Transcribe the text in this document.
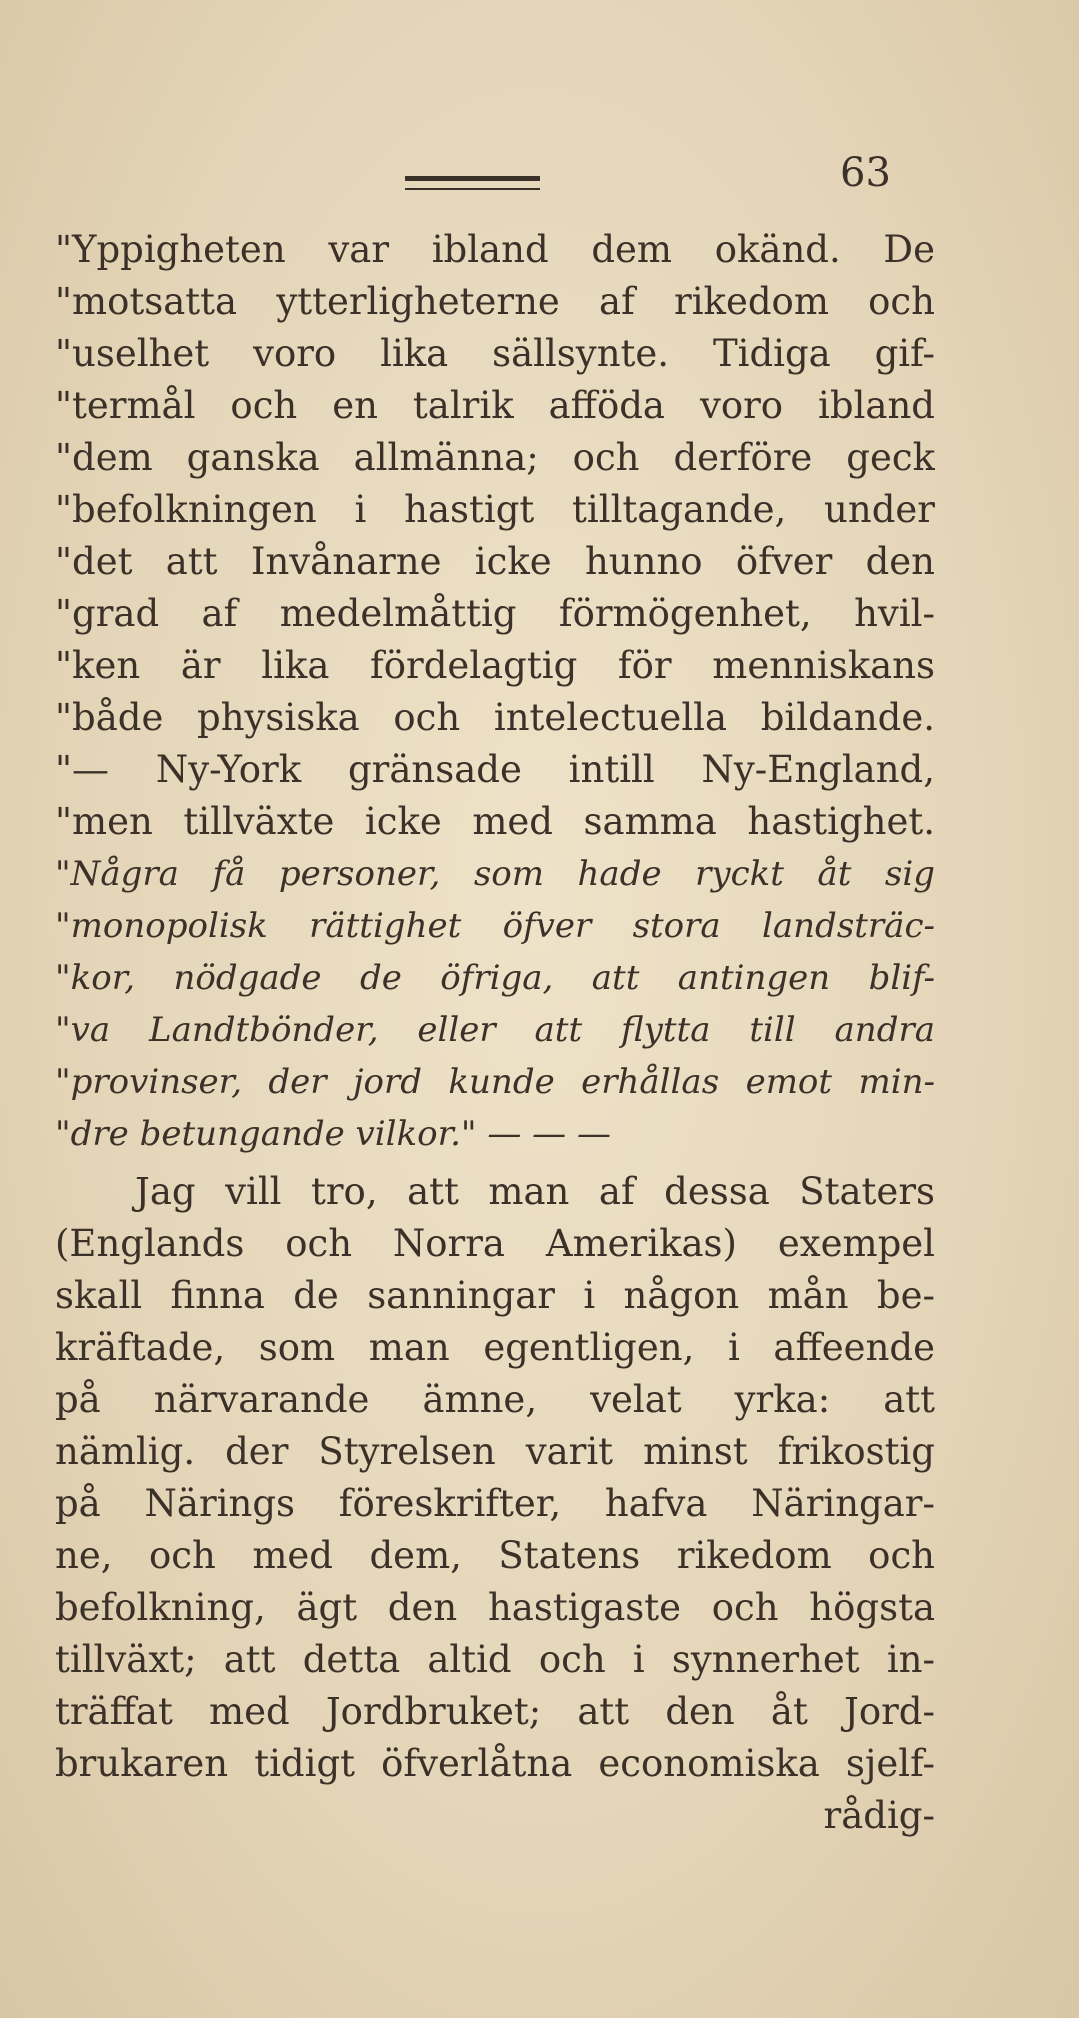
63
"Yppigheten var ibland dem okänd. De
"motsatta ytterligheterne af rikedom och
"uselhet voro lika sällsynte. Tidiga gif-
"termål och en talrik afföda voro ibland
"dem ganska allmänna; och derföre geck
"befolkningen i hastigt tilltagande, under
"det att Invånarne icke hunno öfver den
"grad af medelmåttig förmögenhet, hvil-
"ken är lika fördelagtig för menniskans
"både physiska och intelectuella bildande.
"— Ny-York gränsade intill Ny-England,
"men tillväxte icke med samma hastighet.
"Några få personer, som hade ryckt åt sig
"monopolisk rättighet öfver stora landsträc-
"kor, nödgade de öfriga, att antingen blif-
"va Landtbönder, eller att flytta till andra
"provinser, der jord kunde erhållas emot min-
"dre betungande vilkor." — — —
Jag vill tro, att man af dessa Staters
(Englands och Norra Amerikas) exempel
skall finna de sanningar i någon mån be-
kräftade, som man egentligen, i affeende
på närvarande ämne, velat yrka: att
nämlig. der Styrelsen varit minst frikostig
på Närings föreskrifter, hafva Näringar-
ne, och med dem, Statens rikedom och
befolkning, ägt den hastigaste och högsta
tillväxt; att detta altid och i synnerhet in-
träffat med Jordbruket; att den åt Jord-
brukaren tidigt öfverlåtna economiska sjelf-
rådig-
